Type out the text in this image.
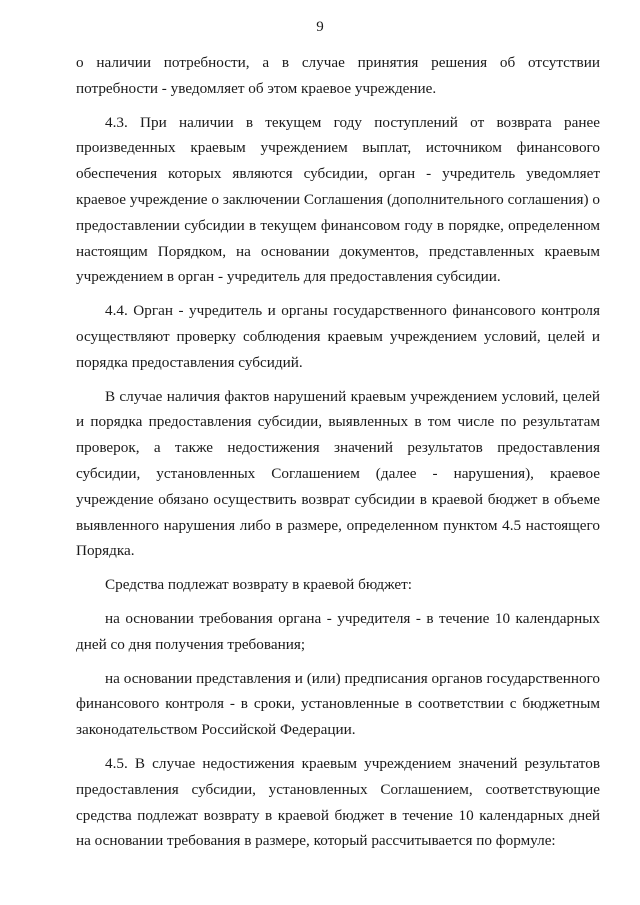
9

о наличии потребности, а в случае принятия решения об отсутствии потребности - уведомляет об этом краевое учреждение.

4.3. При наличии в текущем году поступлений от возврата ранее произведенных краевым учреждением выплат, источником финансового обеспечения которых являются субсидии, орган - учредитель уведомляет краевое учреждение о заключении Соглашения (дополнительного соглашения) о предоставлении субсидии в текущем финансовом году в порядке, определенном настоящим Порядком, на основании документов, представленных краевым учреждением в орган - учредитель для предоставления субсидии.

4.4. Орган - учредитель и органы государственного финансового контроля осуществляют проверку соблюдения краевым учреждением условий, целей и порядка предоставления субсидий.

В случае наличия фактов нарушений краевым учреждением условий, целей и порядка предоставления субсидии, выявленных в том числе по результатам проверок, а также недостижения значений результатов предоставления субсидии, установленных Соглашением (далее - нарушения), краевое учреждение обязано осуществить возврат субсидии в краевой бюджет в объеме выявленного нарушения либо в размере, определенном пунктом 4.5 настоящего Порядка.

Средства подлежат возврату в краевой бюджет:

на основании требования органа - учредителя - в течение 10 календарных дней со дня получения требования;

на основании представления и (или) предписания органов государственного финансового контроля - в сроки, установленные в соответствии с бюджетным законодательством Российской Федерации.

4.5. В случае недостижения краевым учреждением значений результатов предоставления субсидии, установленных Соглашением, соответствующие средства подлежат возврату в краевой бюджет в течение 10 календарных дней на основании требования в размере, который рассчитывается по формуле:
